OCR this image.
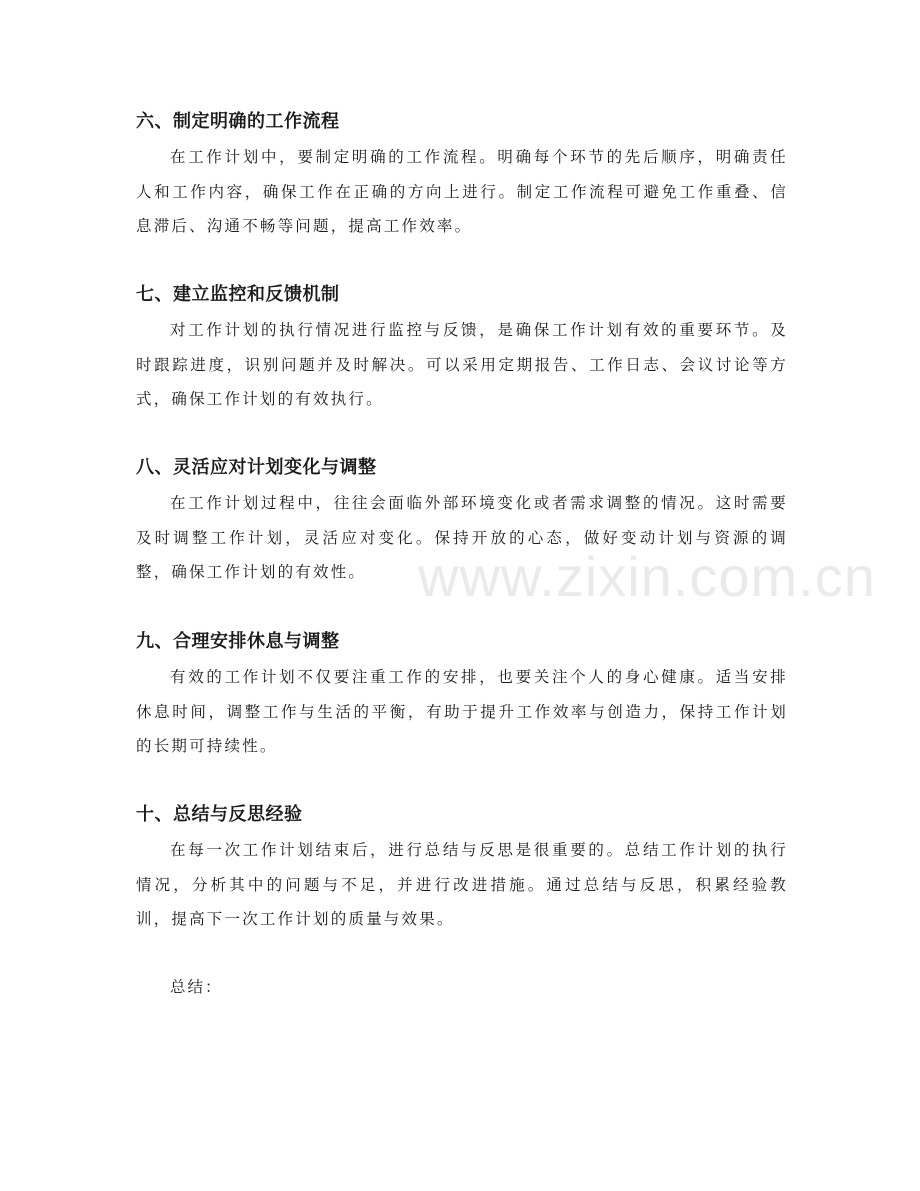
六、制定明确的工作流程

在工作计划中，要制定明确的工作流程。明确每个环节的先后顺序，明确责任人和工作内容，确保工作在正确的方向上进行。制定工作流程可避免工作重叠、信息滞后、沟通不畅等问题，提高工作效率。

七、建立监控和反馈机制

对工作计划的执行情况进行监控与反馈，是确保工作计划有效的重要环节。及时跟踪进度，识别问题并及时解决。可以采用定期报告、工作日志、会议讨论等方式，确保工作计划的有效执行。

八、灵活应对计划变化与调整

在工作计划过程中，往往会面临外部环境变化或者需求调整的情况。这时需要及时调整工作计划，灵活应对变化。保持开放的心态，做好变动计划与资源的调整，确保工作计划的有效性。

九、合理安排休息与调整

有效的工作计划不仅要注重工作的安排，也要关注个人的身心健康。适当安排休息时间，调整工作与生活的平衡，有助于提升工作效率与创造力，保持工作计划的长期可持续性。

十、总结与反思经验

在每一次工作计划结束后，进行总结与反思是很重要的。总结工作计划的执行情况，分析其中的问题与不足，并进行改进措施。通过总结与反思，积累经验教训，提高下一次工作计划的质量与效果。

总结：

www.zixin.com.cn
